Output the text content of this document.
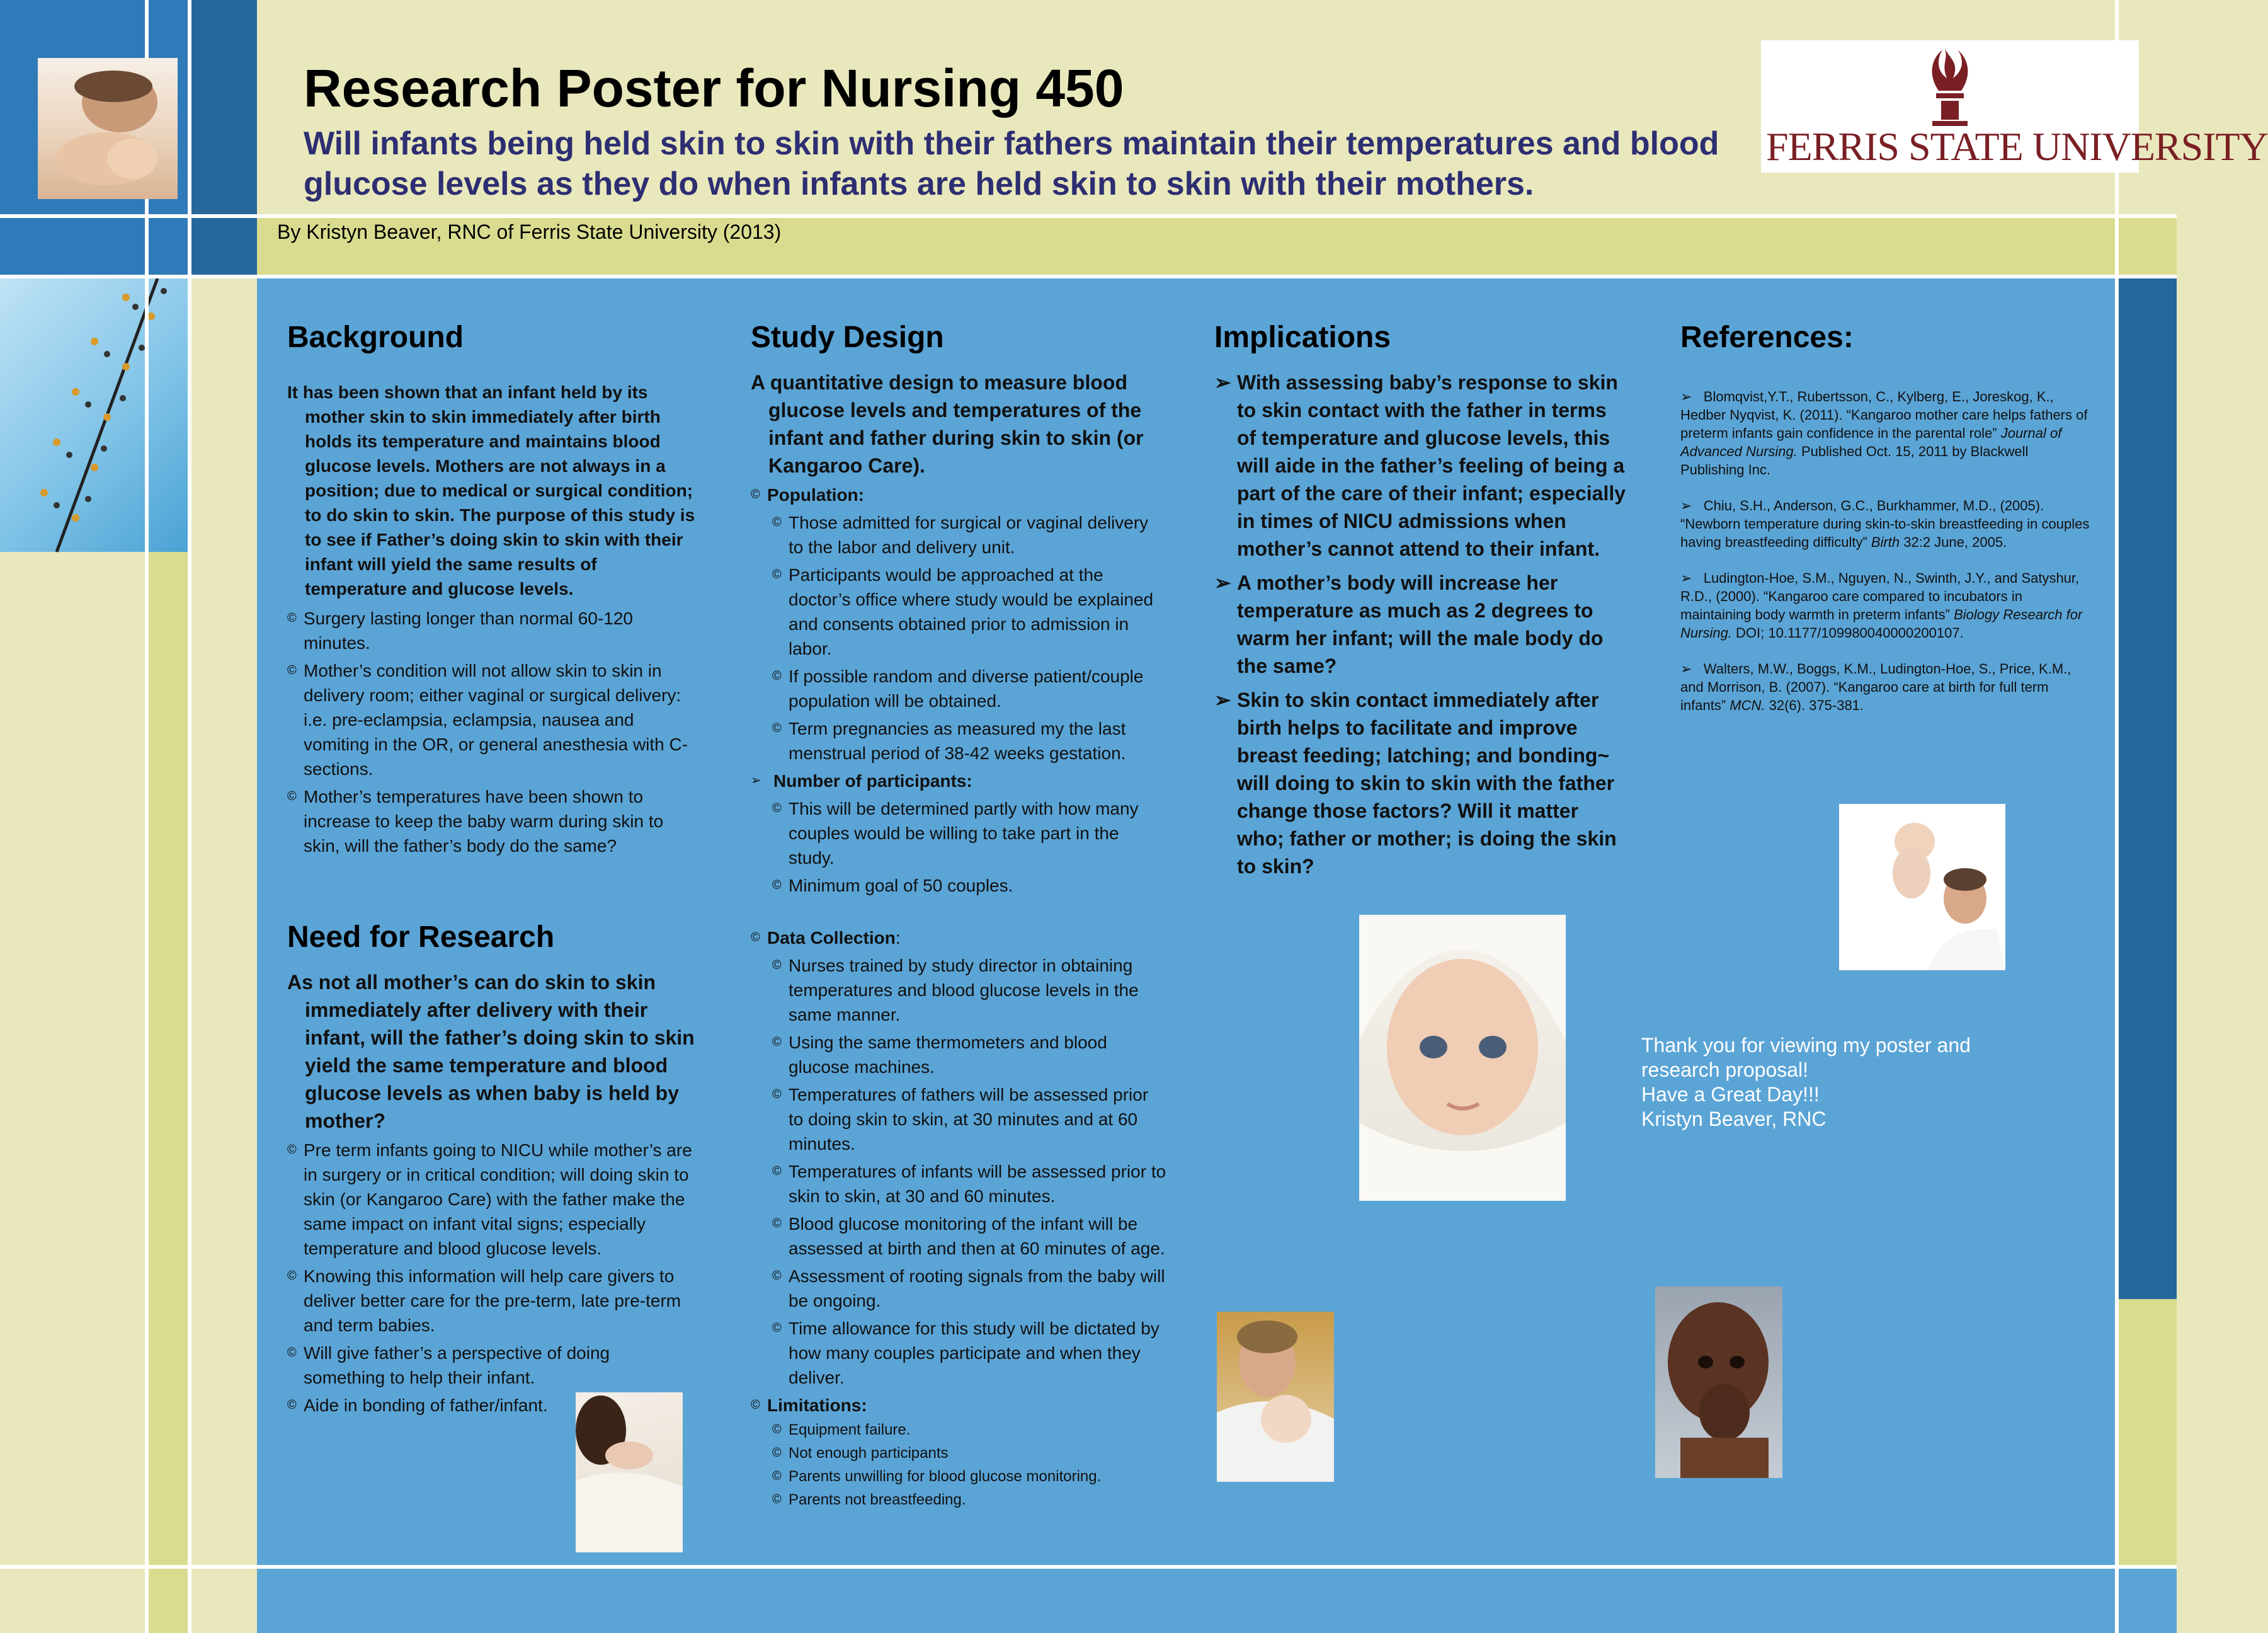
Research Poster for Nursing 450
Will infants being held skin to skin with their fathers maintain their temperatures and blood glucose levels as they do when infants are held skin to skin with their mothers.
By Kristyn Beaver, RNC of Ferris State University (2013)
FERRIS STATE UNIVERSITY
Background

It has been shown that an infant held by its mother skin to skin immediately after birth holds its temperature and maintains blood glucose levels. Mothers are not always in a position; due to medical or surgical condition; to do skin to skin. The purpose of this study is to see if Father’s doing skin to skin with their infant will yield the same results of temperature and glucose levels.

© Surgery lasting longer than normal 60-120 minutes.
© Mother’s condition will not allow skin to skin in delivery room; either vaginal or surgical delivery: i.e. pre-eclampsia, eclampsia, nausea and vomiting in the OR, or general anesthesia with C-sections.
© Mother’s temperatures have been shown to increase to keep the baby warm during skin to skin, will the father’s body do the same?
Need for Research

As not all mother’s can do skin to skin immediately after delivery with their infant, will the father’s doing skin to skin yield the same temperature and blood glucose levels as when baby is held by mother?

© Pre term infants going to NICU while mother’s are in surgery or in critical condition; will doing skin to skin (or Kangaroo Care) with the father make the same impact on infant vital signs; especially temperature and blood glucose levels.
© Knowing this information will help care givers to deliver better care for the pre-term, late pre-term and term babies.
© Will give father’s a perspective of doing something to help their infant.
© Aide in bonding of father/infant.
Study Design

A quantitative design to measure blood glucose levels and temperatures of the infant and father during skin to skin (or Kangaroo Care).

© Population:
© Those admitted for surgical or vaginal delivery to the labor and delivery unit.
© Participants would be approached at the doctor’s office where study would be explained and consents obtained prior to admission in labor.
© If possible random and diverse patient/couple population will be obtained.
© Term pregnancies as measured my the last menstrual period of 38-42 weeks gestation.
➢ Number of participants:
© This will be determined partly with how many couples would be willing to take part in the study.
© Minimum goal of 50 couples.
© Data Collection:
© Nurses trained by study director in obtaining temperatures and blood glucose levels in the same manner.
© Using the same thermometers and blood glucose machines.
© Temperatures of fathers will be assessed prior to doing skin to skin, at 30 minutes and at 60 minutes.
© Temperatures of infants will be assessed prior to skin to skin, at 30 and 60 minutes.
© Blood glucose monitoring of the infant will be assessed at birth and then at 60 minutes of age.
© Assessment of rooting signals from the baby will be ongoing.
© Time allowance for this study will be dictated by how many couples participate and when they deliver.
© Limitations:
© Equipment failure.
© Not enough participants
© Parents unwilling for blood glucose monitoring.
© Parents not breastfeeding.
Implications
➢ With assessing baby’s response to skin to skin contact with the father in terms of temperature and glucose levels, this will aide in the father’s feeling of being a part of the care of their infant; especially in times of NICU admissions when mother’s cannot attend to their infant.
➢ A mother’s body will increase her temperature as much as 2 degrees to warm her infant; will the male body do the same?
➢ Skin to skin contact immediately after birth helps to facilitate and improve breast feeding; latching; and bonding~ will doing to skin to skin with the father change those factors? Will it matter who; father or mother; is doing the skin to skin?
References:
➢ Blomqvist,Y.T., Rubertsson, C., Kylberg, E., Joreskog, K., Hedber Nyqvist, K. (2011). “Kangaroo mother care helps fathers of preterm infants gain confidence in the parental role” Journal of Advanced Nursing. Published Oct. 15, 2011 by Blackwell Publishing Inc.
➢ Chiu, S.H., Anderson, G.C., Burkhammer, M.D., (2005). “Newborn temperature during skin-to-skin breastfeeding in couples having breastfeeding difficulty” Birth 32:2 June, 2005.
➢ Ludington-Hoe, S.M., Nguyen, N., Swinth, J.Y., and Satyshur, R.D., (2000). “Kangaroo care compared to incubators in maintaining body warmth in preterm infants” Biology Research for Nursing. DOI; 10.1177/109980040000200107.
➢ Walters, M.W., Boggs, K.M., Ludington-Hoe, S., Price, K.M., and Morrison, B. (2007). “Kangaroo care at birth for full term infants” MCN. 32(6). 375-381.
Thank you for viewing my poster and
research proposal!
Have a Great Day!!!
Kristyn Beaver, RNC
